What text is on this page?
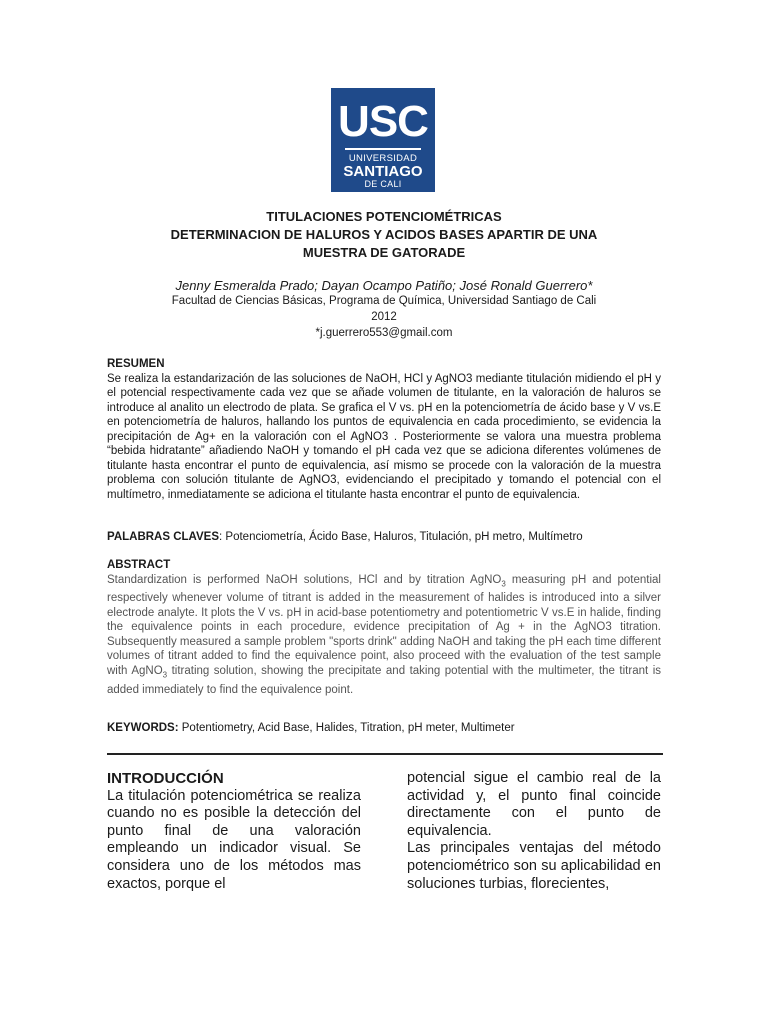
USC
UNIVERSIDAD
SANTIAGO
DE CALI
TITULACIONES POTENCIOMÉTRICAS
DETERMINACION DE HALUROS Y ACIDOS BASES APARTIR DE UNA
MUESTRA DE GATORADE
Jenny Esmeralda Prado; Dayan Ocampo Patiño; José Ronald Guerrero*
Facultad de Ciencias Básicas, Programa de Química, Universidad Santiago de Cali
2012
*j.guerrero553@gmail.com
RESUMEN
Se realiza la estandarización de las soluciones de NaOH, HCl y AgNO3 mediante titulación midiendo el pH y el potencial respectivamente cada vez que se añade volumen de titulante, en la valoración de haluros se introduce al analito un electrodo de plata. Se grafica el V vs. pH en la potenciometría de ácido base y V vs.E en potenciometría de haluros, hallando los puntos de equivalencia en cada procedimiento, se evidencia la precipitación de Ag+ en la valoración con el AgNO3 . Posteriormente se valora una muestra problema “bebida hidratante” añadiendo NaOH y tomando el pH cada vez que se adiciona diferentes volúmenes de titulante hasta encontrar el punto de equivalencia, así mismo se procede con la valoración de la muestra problema con solución titulante de AgNO3, evidenciando el precipitado y tomando el potencial con el multímetro, inmediatamente se adiciona el titulante hasta encontrar el punto de equivalencia.
PALABRAS CLAVES: Potenciometría, Ácido Base, Haluros, Titulación, pH metro, Multímetro
ABSTRACT
Standardization is performed NaOH solutions, HCl and by titration AgNO$_3$ measuring pH and potential respectively whenever volume of titrant is added in the measurement of halides is introduced into a silver electrode analyte. It plots the V vs. pH in acid-base potentiometry and potentiometric V vs.E in halide, finding the equivalence points in each procedure, evidence precipitation of Ag + in the AgNO3 titration. Subsequently measured a sample problem "sports drink" adding NaOH and taking the pH each time different volumes of titrant added to find the equivalence point, also proceed with the evaluation of the test sample with AgNO$_3$ titrating solution, showing the precipitate and taking potential with the multimeter, the titrant is added immediately to find the equivalence point.
KEYWORDS: Potentiometry, Acid Base, Halides, Titration, pH meter, Multimeter
INTRODUCCIÓN
La titulación potenciométrica se realiza cuando no es posible la detección del punto final de una valoración empleando un indicador visual. Se considera uno de los métodos mas exactos, porque el
potencial sigue el cambio real de la actividad y, el punto final coincide directamente con el punto de equivalencia.
Las principales ventajas del método potenciométrico son su aplicabilidad en soluciones turbias, florecientes,
